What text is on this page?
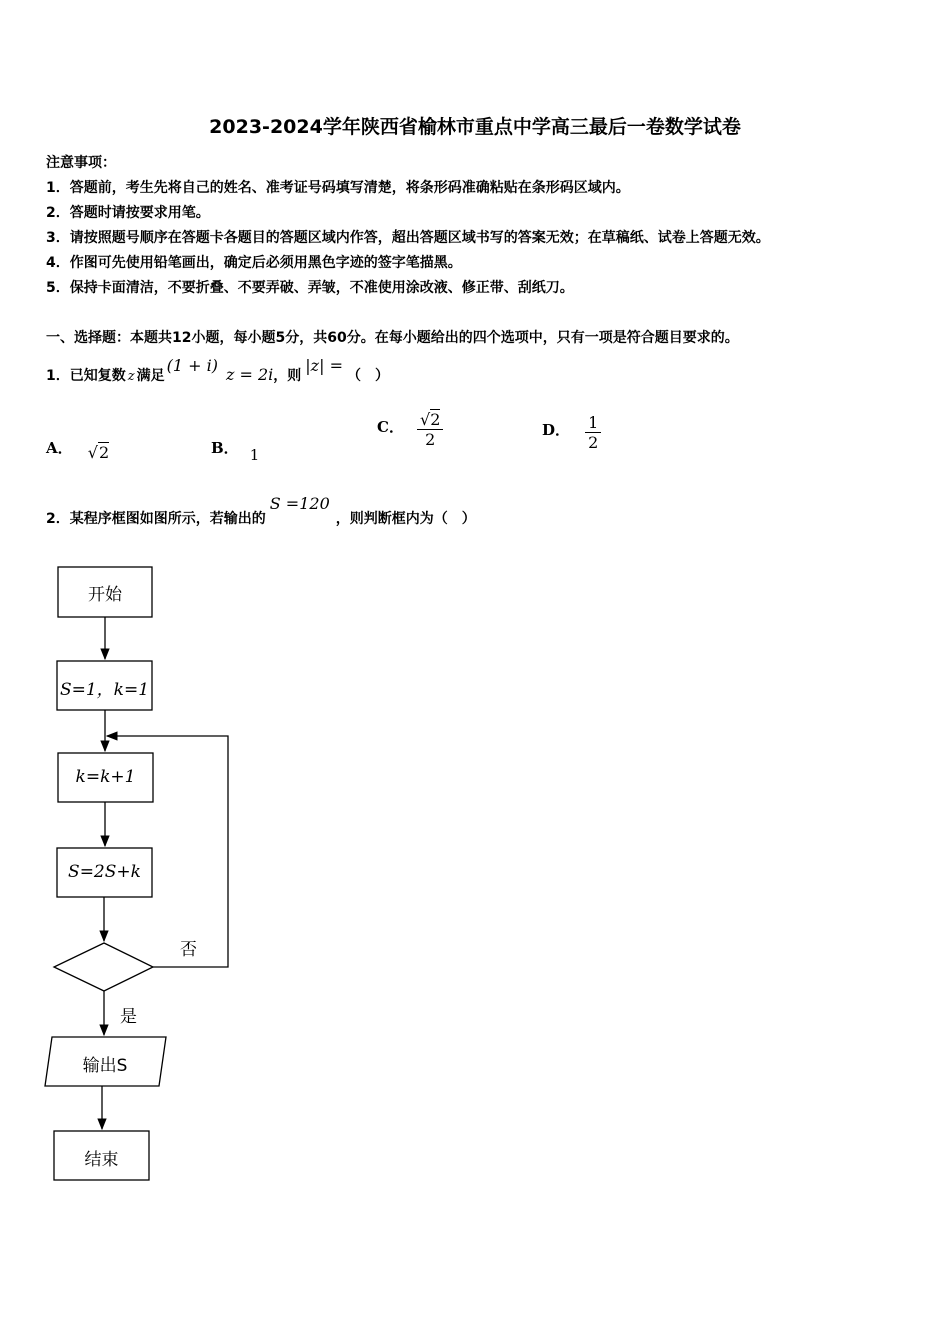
2023-2024学年陕西省榆林市重点中学高三最后一卷数学试卷
注意事项：
1．答题前，考生先将自己的姓名、准考证号码填写清楚，将条形码准确粘贴在条形码区域内。
2．答题时请按要求用笔。
3．请按照题号顺序在答题卡各题目的答题区域内作答，超出答题区域书写的答案无效；在草稿纸、试卷上答题无效。
4．作图可先使用铅笔画出，确定后必须用黑色字迹的签字笔描黑。
5．保持卡面清洁，不要折叠、不要弄破、弄皱，不准使用涂改液、修正带、刮纸刀。
一、选择题：本题共12小题，每小题5分，共60分。在每小题给出的四个选项中，只有一项是符合题目要求的。
1．已知复数 z 满足(1 + i) z = 2i，则|z| =（　）
A． √2	B． 1
C． $\frac{√2}{2}$	D． $\frac{1}{2}$
2．某程序框图如图所示，若输出的S =120，则判断框内为（　）
开始
S=1，k=1
k=k+1
S=2S+k
否
是
输出S
结束
